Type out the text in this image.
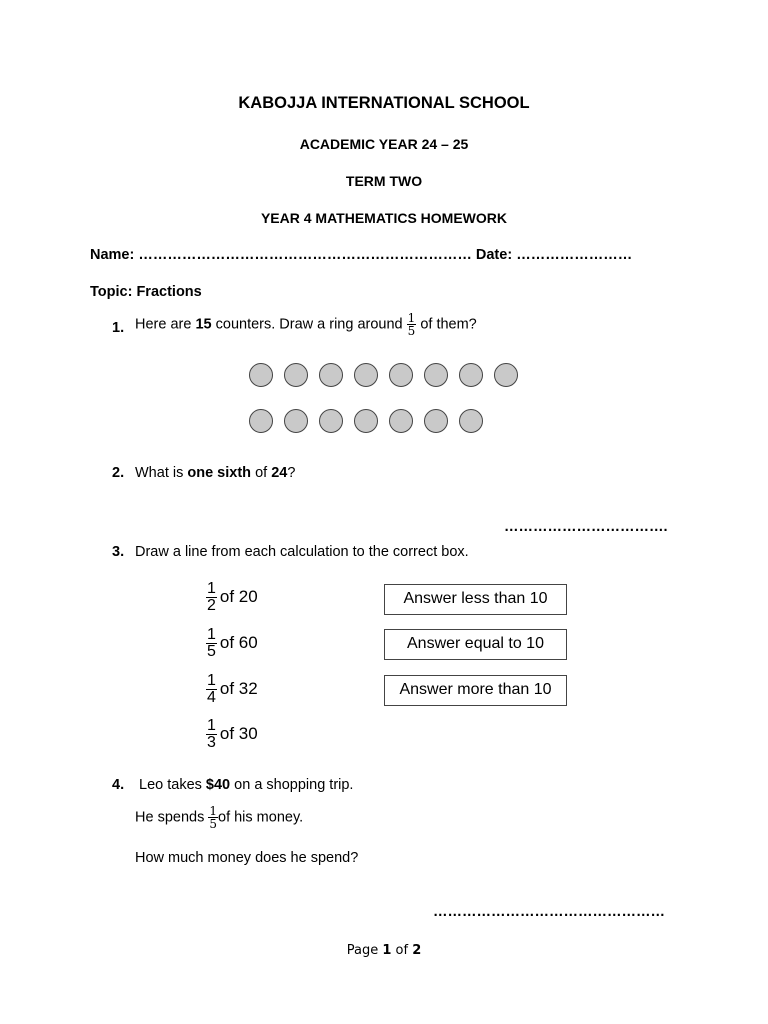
KABOJJA INTERNATIONAL SCHOOL
ACADEMIC YEAR 24 – 25
TERM TWO
YEAR 4 MATHEMATICS HOMEWORK
Name: …………………………………………………………… Date: ……………………
Topic: Fractions
1. Here are 15 counters. Draw a ring around $\frac{1}{5}$ of them?
2. What is one sixth of 24?
…………………………….
3. Draw a line from each calculation to the correct box.
$\frac{1}{2}$ of 20
$\frac{1}{5}$ of 60
$\frac{1}{4}$ of 32
$\frac{1}{3}$ of 30
Answer less than 10
Answer equal to 10
Answer more than 10
4. Leo takes $40 on a shopping trip.
He spends $\frac{1}{5}$ of his money.
How much money does he spend?
…………………………………………
Page 1 of 2
